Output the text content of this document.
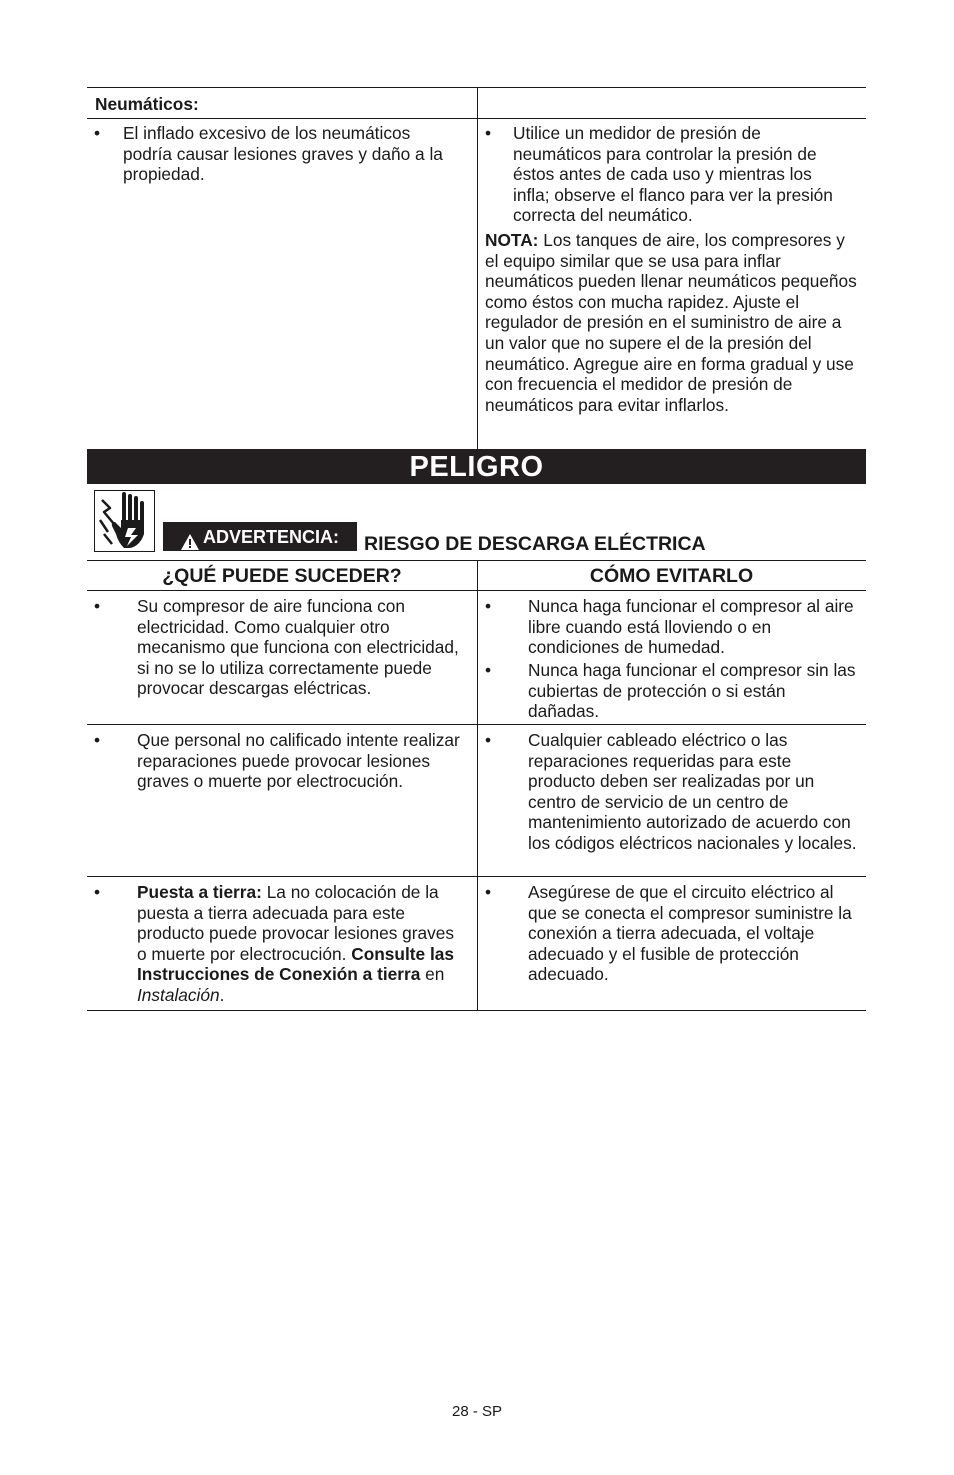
Neumáticos:
• El inflado excesivo de los neumáticos podría causar lesiones graves y daño a la propiedad.
• Utilice un medidor de presión de neumáticos para controlar la presión de éstos antes de cada uso y mientras los infla; observe el flanco para ver la presión correcta del neumático.
NOTA: Los tanques de aire, los compresores y el equipo similar que se usa para inflar neumáticos pueden llenar neumáticos pequeños como éstos con mucha rapidez. Ajuste el regulador de presión en el suministro de aire a un valor que no supere el de la presión del neumático. Agregue aire en forma gradual y use con frecuencia el medidor de presión de neumáticos para evitar inflarlos.
PELIGRO
ADVERTENCIA: RIESGO DE DESCARGA ELÉCTRICA
¿QUÉ PUEDE SUCEDER?	CÓMO EVITARLO
• Su compresor de aire funciona con electricidad. Como cualquier otro mecanismo que funciona con electricidad, si no se lo utiliza correctamente puede provocar descargas eléctricas.
• Nunca haga funcionar el compresor al aire libre cuando está lloviendo o en condiciones de humedad.
• Nunca haga funcionar el compresor sin las cubiertas de protección o si están dañadas.
• Que personal no calificado intente realizar reparaciones puede provocar lesiones graves o muerte por electrocución.
• Cualquier cableado eléctrico o las reparaciones requeridas para este producto deben ser realizadas por un centro de servicio de un centro de mantenimiento autorizado de acuerdo con los códigos eléctricos nacionales y locales.
• Puesta a tierra: La no colocación de la puesta a tierra adecuada para este producto puede provocar lesiones graves o muerte por electrocución. Consulte las Instrucciones de Conexión a tierra en Instalación.
• Asegúrese de que el circuito eléctrico al que se conecta el compresor suministre la conexión a tierra adecuada, el voltaje adecuado y el fusible de protección adecuado.
28 - SP
